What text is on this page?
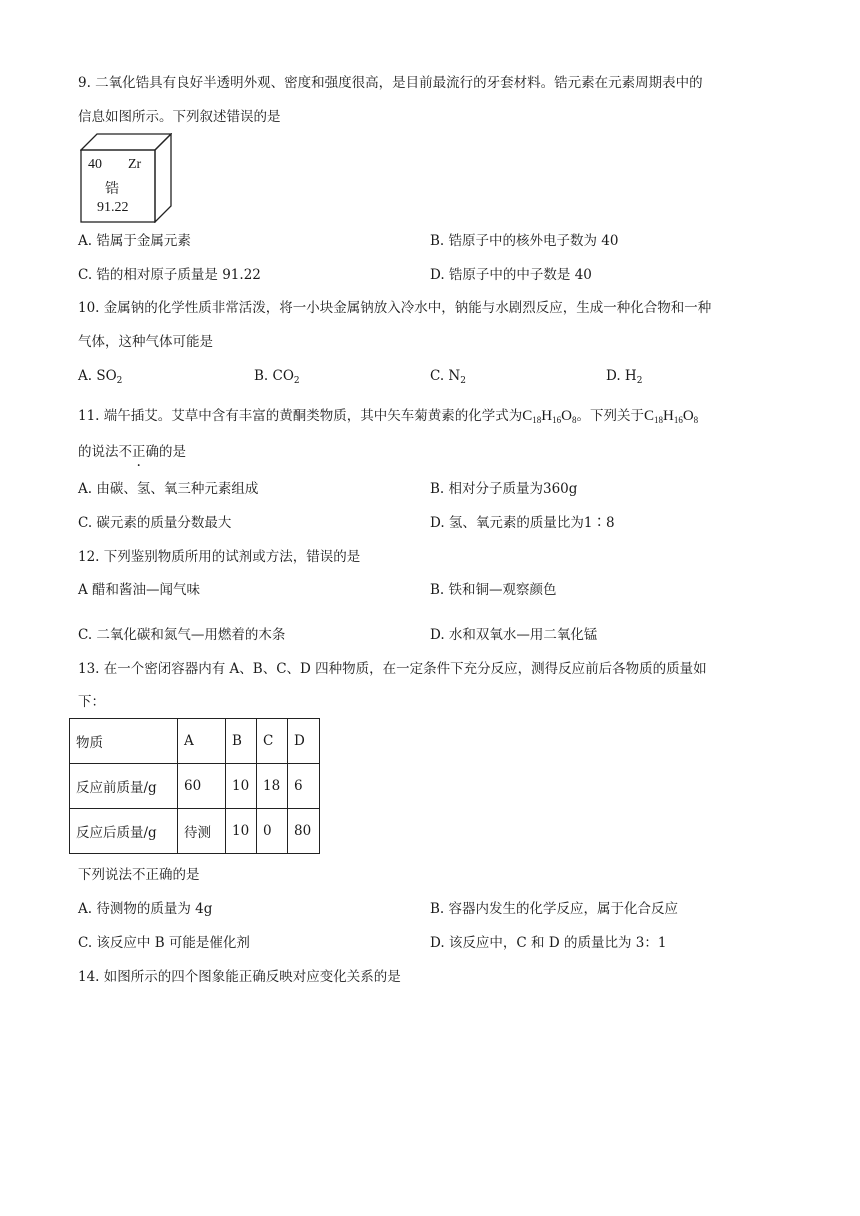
9. 二氧化锆具有良好半透明外观、密度和强度很高，是目前最流行的牙套材料。锆元素在元素周期表中的
信息如图所示。下列叙述错误的是
40 Zr
锆
91.22
A. 锆属于金属元素	B. 锆原子中的核外电子数为 40
C. 锆的相对原子质量是 91.22	D. 锆原子中的中子数是 40
10. 金属钠的化学性质非常活泼，将一小块金属钠放入冷水中，钠能与水剧烈反应，生成一种化合物和一种
气体，这种气体可能是
A. $SO_2$	B. $CO_2$	C. $N_2$	D. $H_2$
11. 端午插艾。艾草中含有丰富的黄酮类物质，其中矢车菊黄素的化学式为$C_{18}H_{16}O_8$。下列关于$C_{18}H_{16}O_8$
的说法不正确的是
A. 由碳、氢、氧三种元素组成	B. 相对分子质量为360g
C. 碳元素的质量分数最大	D. 氢、氧元素的质量比为1∶8
12. 下列鉴别物质所用的试剂或方法，错误的是
A 醋和酱油—闻气味	B. 铁和铜—观察颜色
C. 二氧化碳和氮气—用燃着的木条	D. 水和双氧水—用二氧化锰
13. 在一个密闭容器内有 A、B、C、D 四种物质，在一定条件下充分反应，测得反应前后各物质的质量如
下：
物质	A	B	C	D
反应前质量/g	60	10	18	6
反应后质量/g	待测	10	0	80
下列说法不正确的是
A. 待测物的质量为 4g	B. 容器内发生的化学反应，属于化合反应
C. 该反应中 B 可能是催化剂	D. 该反应中，C 和 D 的质量比为 3：1
14. 如图所示的四个图象能正确反映对应变化关系的是
